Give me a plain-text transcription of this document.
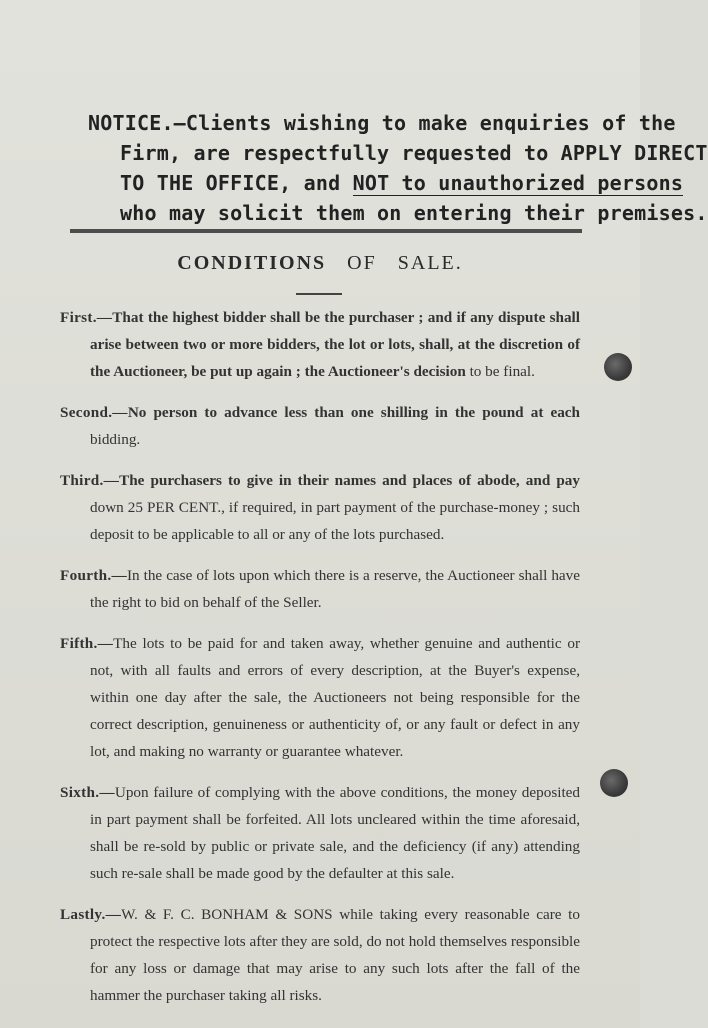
NOTICE.—Clients wishing to make enquiries of the
Firm, are respectfully requested to APPLY DIRECT
TO THE OFFICE, and NOT to unauthorized persons
who may solicit them on entering their premises.
CONDITIONS OF SALE.

First.—That the highest bidder shall be the purchaser ; and if any dispute shall arise between two or more bidders, the lot or lots, shall, at the discretion of the Auctioneer, be put up again ; the Auctioneer's decision to be final.

Second.—No person to advance less than one shilling in the pound at each bidding.

Third.—The purchasers to give in their names and places of abode, and pay down 25 PER CENT., if required, in part payment of the purchase-money ; such deposit to be applicable to all or any of the lots purchased.

Fourth.—In the case of lots upon which there is a reserve, the Auctioneer shall have the right to bid on behalf of the Seller.

Fifth.—The lots to be paid for and taken away, whether genuine and authentic or not, with all faults and errors of every description, at the Buyer's expense, within one day after the sale, the Auctioneers not being responsible for the correct description, genuineness or authenticity of, or any fault or defect in any lot, and making no warranty or guarantee whatever.

Sixth.—Upon failure of complying with the above conditions, the money deposited in part payment shall be forfeited. All lots uncleared within the time aforesaid, shall be re-sold by public or private sale, and the deficiency (if any) attending such re-sale shall be made good by the defaulter at this sale.

Lastly.—W. & F. C. BONHAM & SONS while taking every reasonable care to protect the respective lots after they are sold, do not hold themselves responsible for any loss or damage that may arise to any such lots after the fall of the hammer the purchaser taking all risks.
